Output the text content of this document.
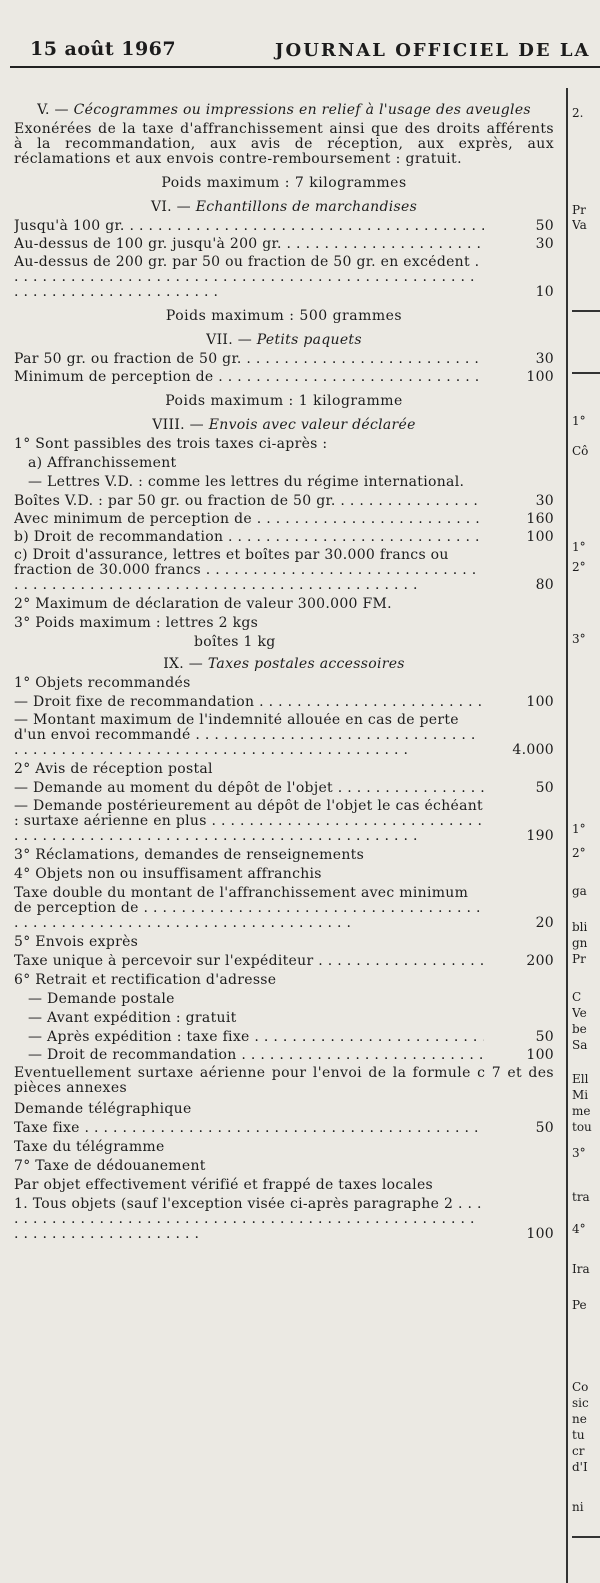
15 août 1967	JOURNAL OFFICIEL DE LA
V. — Cécogrammes ou impressions en relief à l'usage des aveugles
Exonérées de la taxe d'affranchissement ainsi que des droits afférents à la recommandation, aux avis de réception, aux exprès, aux réclamations et aux envois contre-remboursement : gratuit.
Poids maximum : 7 kilogrammes
VI. — Echantillons de marchandises
Jusqu'à 100 gr. . . .	50
Au-dessus de 100 gr. jusqu'à 200 gr. . . .	30
Au-dessus de 200 gr. par 50 ou fraction de 50 gr. en excédent . . .
10
Poids maximum : 500 grammes
VII. — Petits paquets
Par 50 gr. ou fraction de 50 gr. . . .	30
Minimum de perception de . . .	100
Poids maximum : 1 kilogramme
VIII. — Envois avec valeur déclarée
1° Sont passibles des trois taxes ci-après :
a) Affranchissement
— Lettres V.D. : comme les lettres du régime international.
Boîtes V.D. : par 50 gr. ou fraction de 50 gr. . . .	30
Avec minimum de perception de . . .	160
b) Droit de recommandation . . .	100
c) Droit d'assurance, lettres et boîtes par 30.000 francs ou fraction de 30.000 francs . . .
80
2° Maximum de déclaration de valeur 300.000 FM.
3° Poids maximum : lettres 2 kgs
boîtes 1 kg
IX. — Taxes postales accessoires
1° Objets recommandés
— Droit fixe de recommandation . . .	100
— Montant maximum de l'indemnité allouée en cas de perte d'un envoi recommandé . . .
4.000
2° Avis de réception postal
— Demande au moment du dépôt de l'objet . . .	50
— Demande postérieurement au dépôt de l'objet le cas échéant : surtaxe aérienne en plus . . .
190
3° Réclamations, demandes de renseignements
4° Objets non ou insuffisament affranchis
Taxe double du montant de l'affranchissement avec minimum de perception de . . .
20
5° Envois exprès
Taxe unique à percevoir sur l'expéditeur . . .	200
6° Retrait et rectification d'adresse
— Demande postale
— Avant expédition : gratuit
— Après expédition : taxe fixe . . .	50
— Droit de recommandation . . .	100
Eventuellement surtaxe aérienne pour l'envoi de la formule c 7 et des pièces annexes
Demande télégraphique
Taxe fixe . . .	50
Taxe du télégramme
7° Taxe de dédouanement
Par objet effectivement vérifié et frappé de taxes locales
1. Tous objets (sauf l'exception visée ci-après paragraphe 2 . . .
100
2.
Pr
Va
1°
Cô
1°
2°
3°
1°
2°
ga
bli
gn
Pr
C
Ve
be
Sa
Ell
Mi
me
tou
3°
tra
4°
Ira
Pe
Co
sic
ne
tu
cr
d'I
ni
